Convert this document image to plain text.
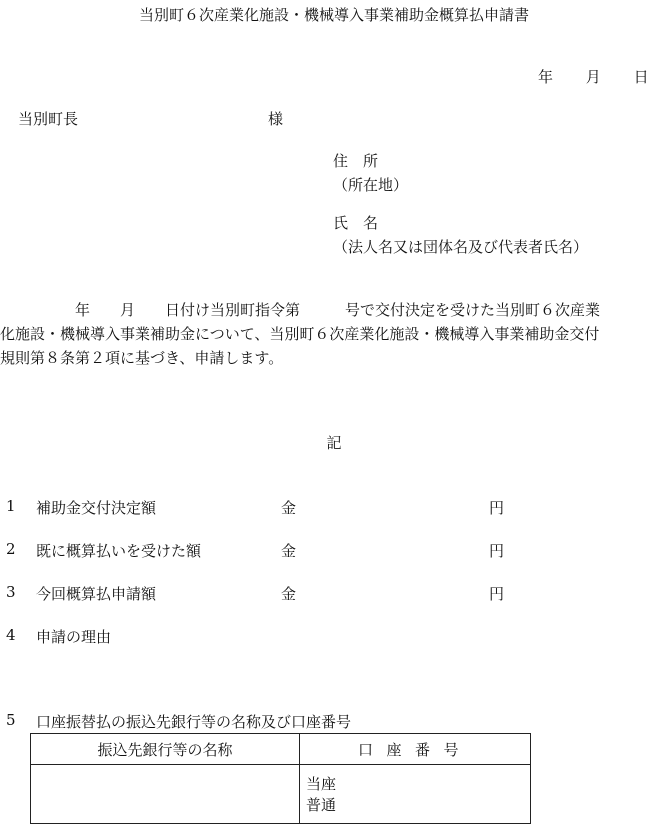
当別町６次産業化施設・機械導入事業補助金概算払申請書
年 月 日
当別町長	様
住　所
（所在地）
氏　名
（法人名又は団体名及び代表者氏名）
　　　　　年　　月　　日付け当別町指令第　　　号で交付決定を受けた当別町６次産業
化施設・機械導入事業補助金について、当別町６次産業化施設・機械導入事業補助金交付
規則第８条第２項に基づき、申請します。
記
1 補助金交付決定額	金	円
2 既に概算払いを受けた額	金	円
3 今回概算払申請額	金	円
4 申請の理由
5 口座振替払の振込先銀行等の名称及び口座番号
振込先銀行等の名称	口座番号

	当座
普通
